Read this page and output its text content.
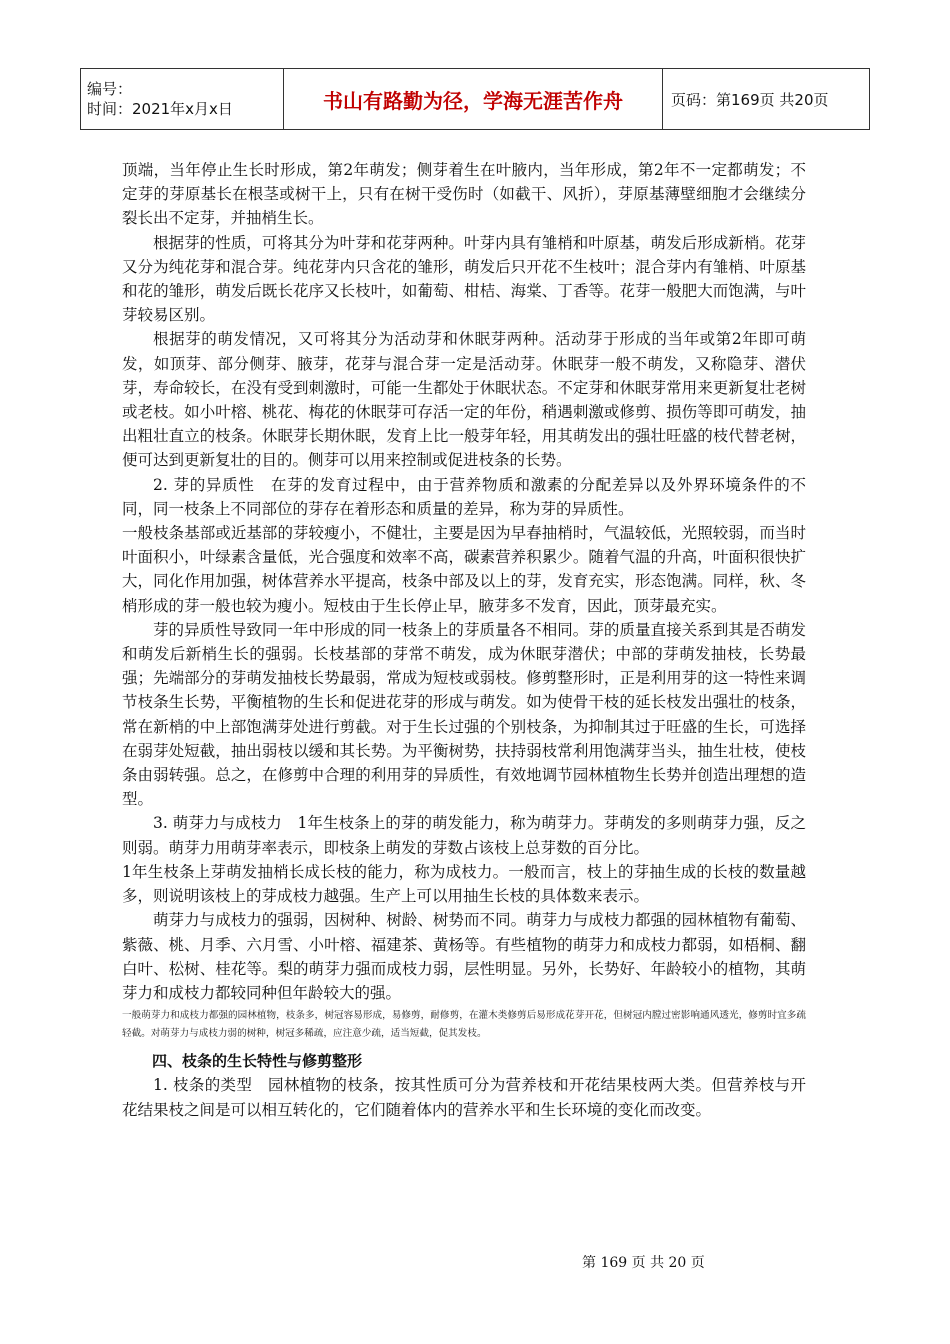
编号：
时间：2021年x月x日	书山有路勤为径，学海无涯苦作舟	页码：第169页 共20页

顶端，当年停止生长时形成，第2年萌发；侧芽着生在叶腋内，当年形成，第2年不一定都萌发；不定芽的芽原基长在根茎或树干上，只有在树干受伤时（如截干、风折），芽原基薄壁细胞才会继续分裂长出不定芽，并抽梢生长。

根据芽的性质，可将其分为叶芽和花芽两种。叶芽内具有雏梢和叶原基，萌发后形成新梢。花芽又分为纯花芽和混合芽。纯花芽内只含花的雏形，萌发后只开花不生枝叶；混合芽内有雏梢、叶原基和花的雏形，萌发后既长花序又长枝叶，如葡萄、柑桔、海棠、丁香等。花芽一般肥大而饱满，与叶芽较易区别。

根据芽的萌发情况，又可将其分为活动芽和休眠芽两种。活动芽于形成的当年或第2年即可萌发，如顶芽、部分侧芽、腋芽，花芽与混合芽一定是活动芽。休眠芽一般不萌发，又称隐芽、潜伏芽，寿命较长，在没有受到刺激时，可能一生都处于休眠状态。不定芽和休眠芽常用来更新复壮老树或老枝。如小叶榕、桃花、梅花的休眠芽可存活一定的年份，稍遇刺激或修剪、损伤等即可萌发，抽出粗壮直立的枝条。休眠芽长期休眠，发育上比一般芽年轻，用其萌发出的强壮旺盛的枝代替老树，便可达到更新复壮的目的。侧芽可以用来控制或促进枝条的长势。

2. 芽的异质性　在芽的发育过程中，由于营养物质和激素的分配差异以及外界环境条件的不同，同一枝条上不同部位的芽存在着形态和质量的差异，称为芽的异质性。

一般枝条基部或近基部的芽较瘦小，不健壮，主要是因为早春抽梢时，气温较低，光照较弱，而当时叶面积小，叶绿素含量低，光合强度和效率不高，碳素营养积累少。随着气温的升高，叶面积很快扩大，同化作用加强，树体营养水平提高，枝条中部及以上的芽，发育充实，形态饱满。同样，秋、冬梢形成的芽一般也较为瘦小。短枝由于生长停止早，腋芽多不发育，因此，顶芽最充实。

芽的异质性导致同一年中形成的同一枝条上的芽质量各不相同。芽的质量直接关系到其是否萌发和萌发后新梢生长的强弱。长枝基部的芽常不萌发，成为休眠芽潜伏；中部的芽萌发抽枝，长势最强；先端部分的芽萌发抽枝长势最弱，常成为短枝或弱枝。修剪整形时，正是利用芽的这一特性来调节枝条生长势，平衡植物的生长和促进花芽的形成与萌发。如为使骨干枝的延长枝发出强壮的枝条，常在新梢的中上部饱满芽处进行剪截。对于生长过强的个别枝条，为抑制其过于旺盛的生长，可选择在弱芽处短截，抽出弱枝以缓和其长势。为平衡树势，扶持弱枝常利用饱满芽当头，抽生壮枝，使枝条由弱转强。总之，在修剪中合理的利用芽的异质性，有效地调节园林植物生长势并创造出理想的造型。

3. 萌芽力与成枝力　1年生枝条上的芽的萌发能力，称为萌芽力。芽萌发的多则萌芽力强，反之则弱。萌芽力用萌芽率表示，即枝条上萌发的芽数占该枝上总芽数的百分比。

1年生枝条上芽萌发抽梢长成长枝的能力，称为成枝力。一般而言，枝上的芽抽生成的长枝的数量越多，则说明该枝上的芽成枝力越强。生产上可以用抽生长枝的具体数来表示。

萌芽力与成枝力的强弱，因树种、树龄、树势而不同。萌芽力与成枝力都强的园林植物有葡萄、紫薇、桃、月季、六月雪、小叶榕、福建茶、黄杨等。有些植物的萌芽力和成枝力都弱，如梧桐、翻白叶、松树、桂花等。梨的萌芽力强而成枝力弱，层性明显。另外，长势好、年龄较小的植物，其萌芽力和成枝力都较同种但年龄较大的强。

一般萌芽力和成枝力都强的园林植物，枝条多，树冠容易形成，易修剪，耐修剪，在灌木类修剪后易形成花芽开花，但树冠内膛过密影响通风透光，修剪时宜多疏轻截。对萌芽力与成枝力弱的树种，树冠多稀疏，应注意少疏，适当短截，促其发枝。

四、枝条的生长特性与修剪整形

1. 枝条的类型　园林植物的枝条，按其性质可分为营养枝和开花结果枝两大类。但营养枝与开花结果枝之间是可以相互转化的，它们随着体内的营养水平和生长环境的变化而改变。

第 169 页 共 20 页
